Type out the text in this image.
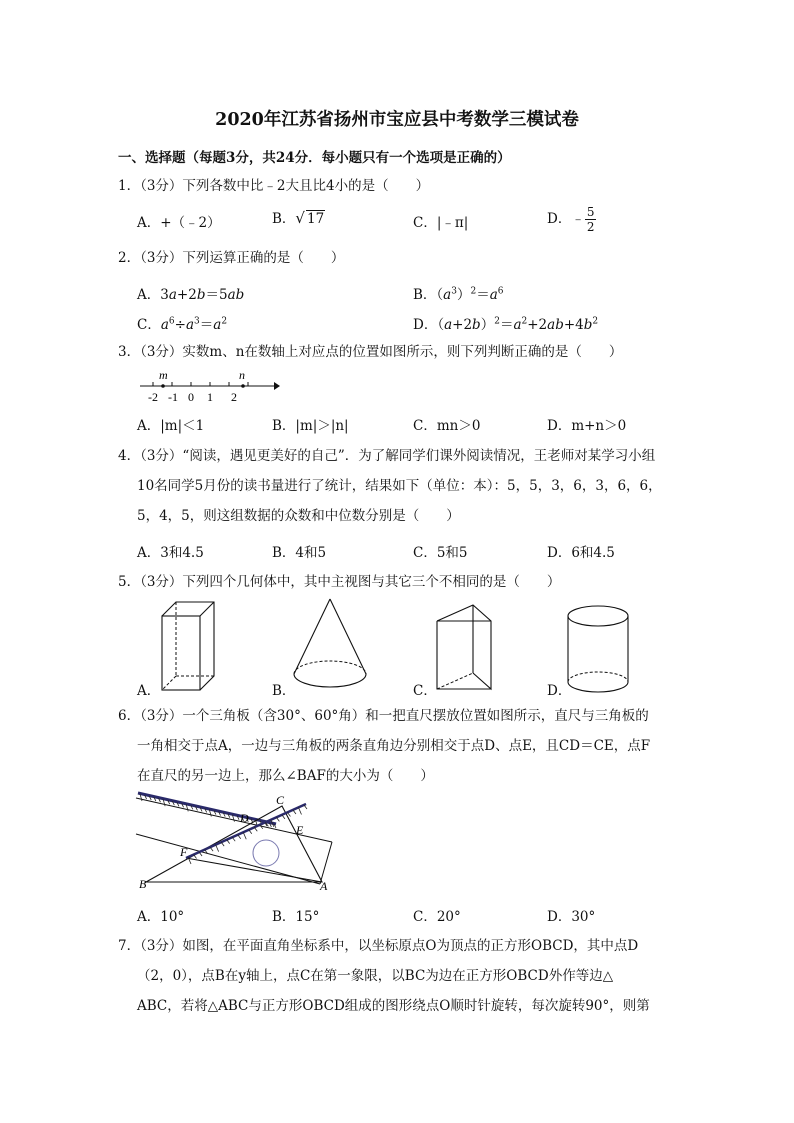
2020年江苏省扬州市宝应县中考数学三模试卷
一、选择题（每题3分，共24分．每小题只有一个选项是正确的）
1．（3分）下列各数中比﹣2大且比4小的是（　　）
A．+（﹣2）	B．√ 17	C．|﹣π|	D．﹣ $\frac{5}{2}$
2．（3分）下列运算正确的是（　　）
A．3a+2b＝5ab	B．$(a^3)^2=a^6$
C．$a^6\div a^3=a^2$	D．$(a+2b)^2=a^2+2ab+4b^2$
3．（3分）实数m、n在数轴上对应点的位置如图所示，则下列判断正确的是（　　）
m	n
-2 -1 0 1 2
A．|m|＜1	B．|m|＞|n|	C．mn＞0	D．m+n＞0
4．（3分）“阅读，遇见更美好的自己”．为了解同学们课外阅读情况，王老师对某学习小组
10名同学5月份的读书量进行了统计，结果如下（单位：本）：5，5，3，6，3，6，6，
5，4，5，则这组数据的众数和中位数分别是（　　）
A．3和4.5	B．4和5	C．5和5	D．6和4.5
5．（3分）下列四个几何体中，其中主视图与其它三个不相同的是（　　）
A．	B．	C．	D．
6．（3分）一个三角板（含30°、60°角）和一把直尺摆放位置如图所示，直尺与三角板的
一角相交于点A，一边与三角板的两条直角边分别相交于点D、点E，且CD＝CE，点F
在直尺的另一边上，那么∠BAF的大小为（　　）
C
D
E
F
B	A
A．10°	B．15°	C．20°	D．30°
7．（3分）如图，在平面直角坐标系中，以坐标原点O为顶点的正方形OBCD，其中点D
（2，0），点B在y轴上，点C在第一象限，以BC为边在正方形OBCD外作等边△
ABC，若将△ABC与正方形OBCD组成的图形绕点O顺时针旋转，每次旋转90°，则第
